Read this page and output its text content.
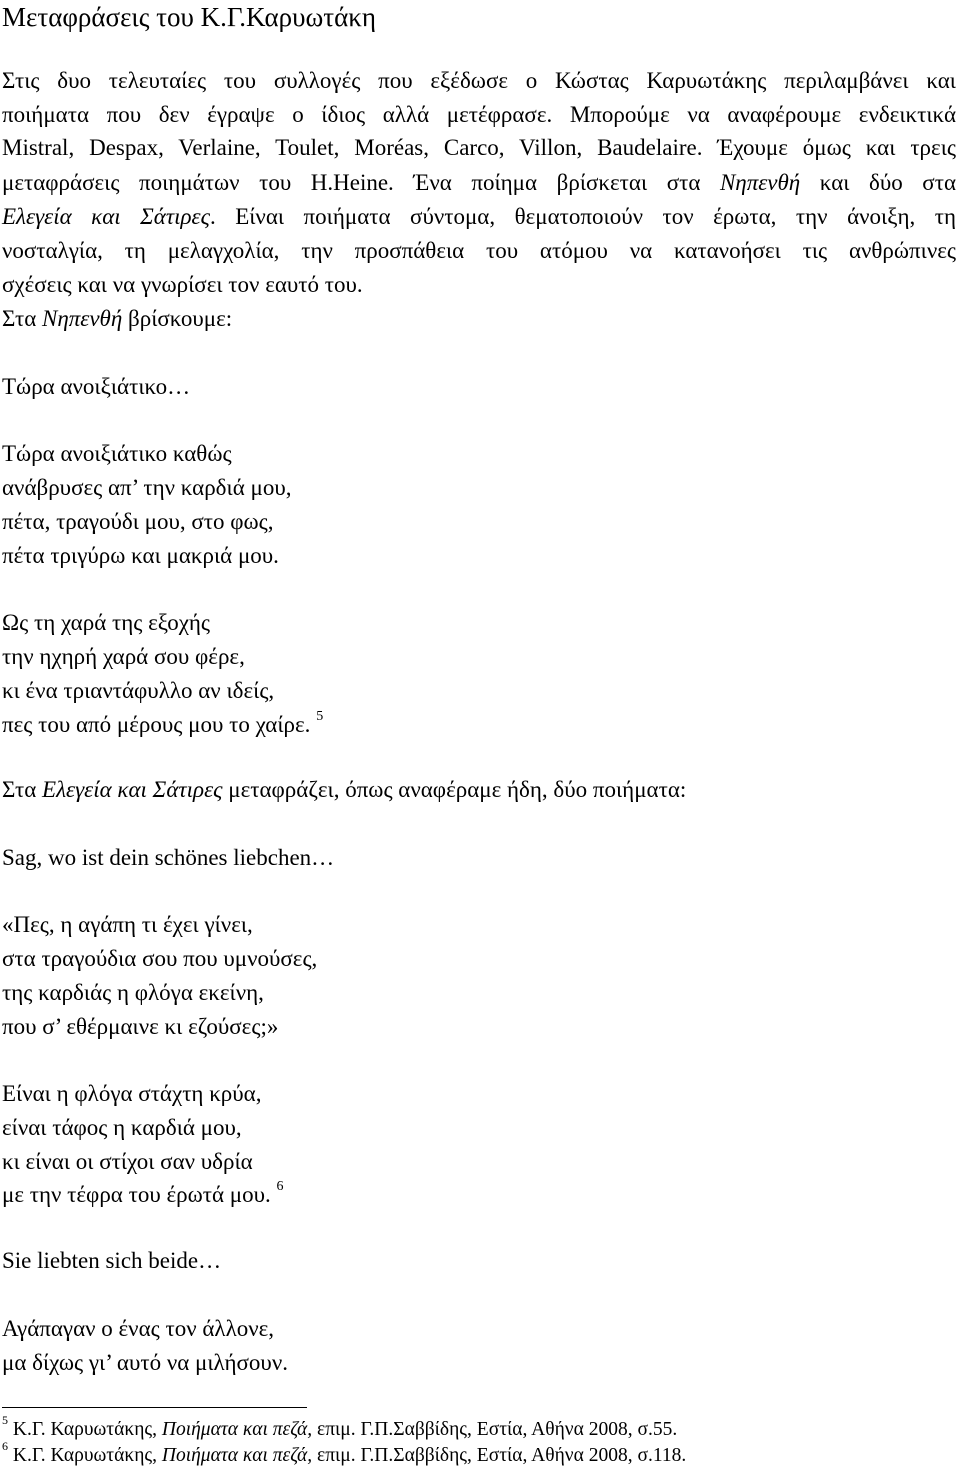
Μεταφράσεις του Κ.Γ.Καρυωτάκη
Στις δυο τελευταίες του συλλογές που εξέδωσε ο Κώστας Καρυωτάκης περιλαμβάνει και
ποιήματα που δεν έγραψε ο ίδιος αλλά μετέφρασε. Μπορούμε να αναφέρουμε ενδεικτικά
Mistral, Despax, Verlaine, Toulet, Moréas, Carco, Villon, Baudelaire. Έχουμε όμως και τρεις
μεταφράσεις ποιημάτων του H.Heine. Ένα ποίημα βρίσκεται στα Νηπενθή και δύο στα
Ελεγεία και Σάτιρες. Είναι ποιήματα σύντομα, θεματοποιούν τον έρωτα, την άνοιξη, τη
νοσταλγία, τη μελαγχολία, την προσπάθεια του ατόμου να κατανοήσει τις ανθρώπινες
σχέσεις και να γνωρίσει τον εαυτό του.
Στα Νηπενθή βρίσκουμε:
Τώρα ανοιξιάτικο…
Τώρα ανοιξιάτικο καθώς
ανάβρυσες απ’ την καρδιά μου,
πέτα, τραγούδι μου, στο φως,
πέτα τριγύρω και μακριά μου.
Ως τη χαρά της εξοχής
την ηχηρή χαρά σου φέρε,
κι ένα τριαντάφυλλο αν ιδείς,
πες του από μέρους μου το χαίρε. $^5$
Στα Ελεγεία και Σάτιρες μεταφράζει, όπως αναφέραμε ήδη, δύο ποιήματα:
Sag, wo ist dein schönes liebchen…
«Πες, η αγάπη τι έχει γίνει,
στα τραγούδια σου που υμνούσες,
της καρδιάς η φλόγα εκείνη,
που σ’ εθέρμαινε κι εζούσες;»
Είναι η φλόγα στάχτη κρύα,
είναι τάφος η καρδιά μου,
κι είναι οι στίχοι σαν υδρία
με την τέφρα του έρωτά μου. $^6$
Sie liebten sich beide…
Αγάπαγαν ο ένας τον άλλονε,
μα δίχως γι’ αυτό να μιλήσουν.
$^5$ Κ.Γ. Καρυωτάκης, Ποιήματα και πεζά, επιμ. Γ.Π.Σαββίδης, Εστία, Αθήνα 2008, σ.55.
$^6$ Κ.Γ. Καρυωτάκης, Ποιήματα και πεζά, επιμ. Γ.Π.Σαββίδης, Εστία, Αθήνα 2008, σ.118.
